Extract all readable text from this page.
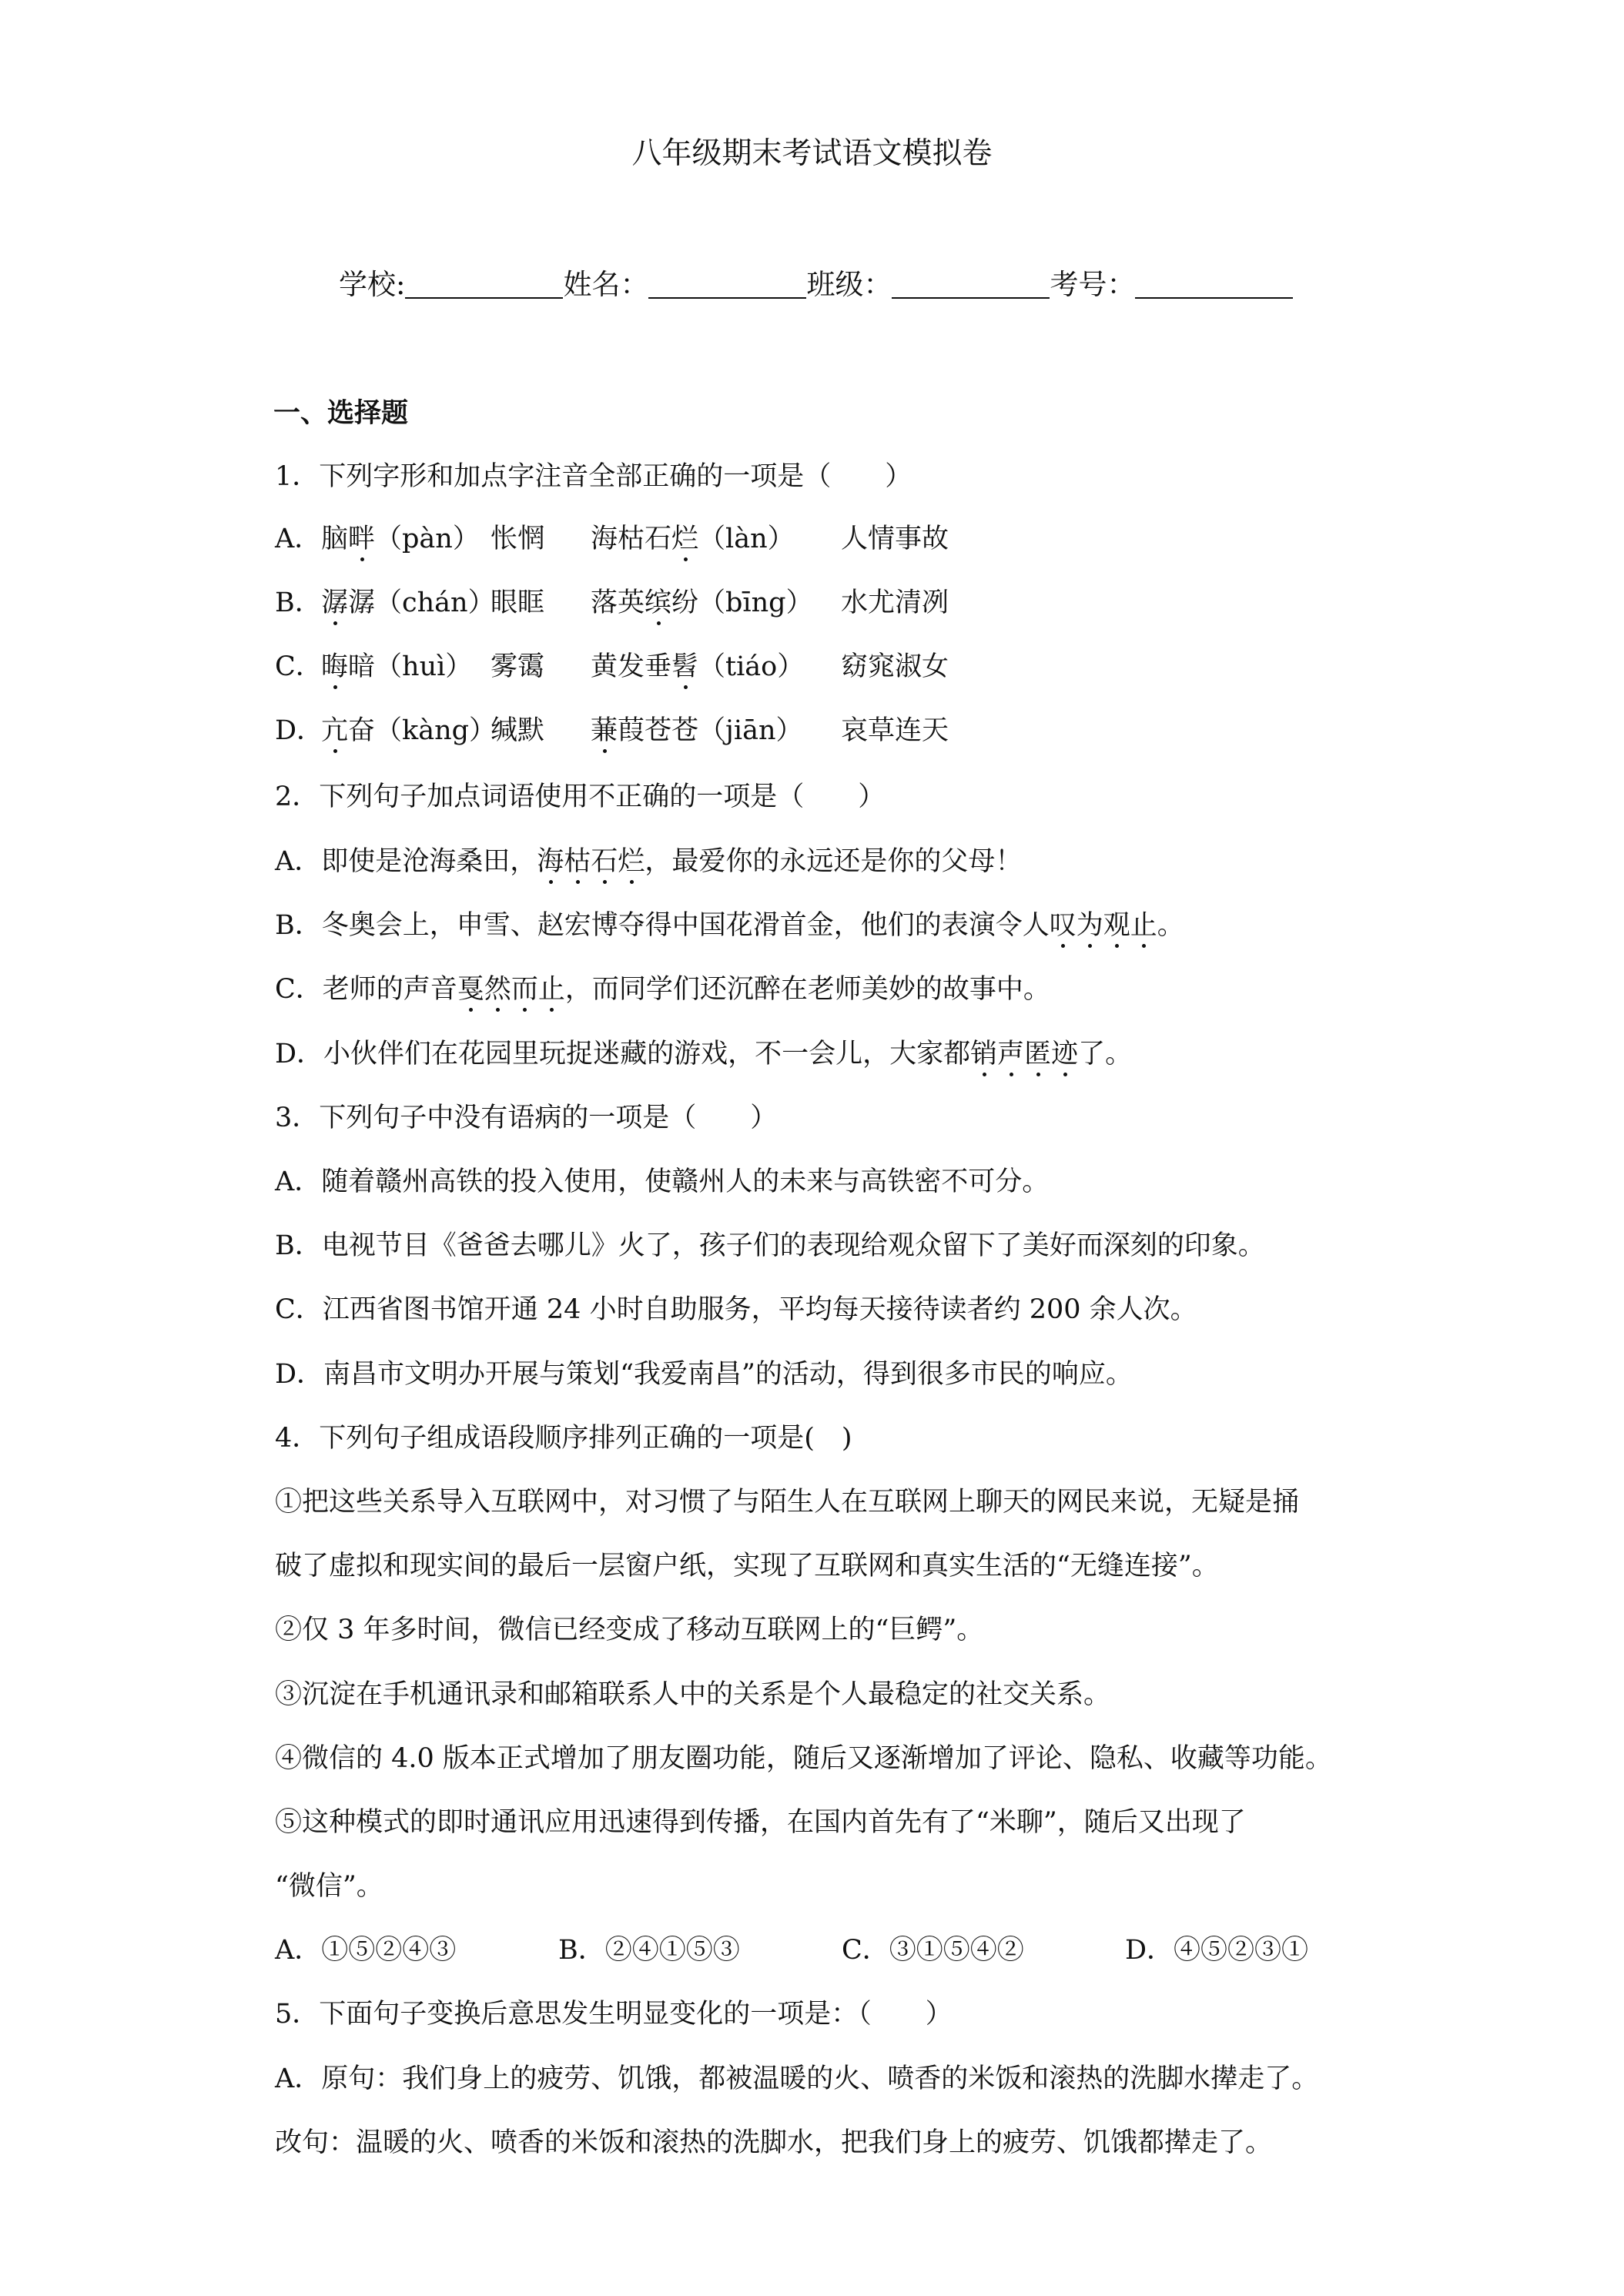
八年级期末考试语文模拟卷
学校:	姓名：	班级：	考号：
一、选择题
1．下列字形和加点字注音全部正确的一项是（　　）
A．脑畔（pàn） 怅惘 海枯石烂（làn） 人情事故
B．潺潺（chán）眼眶 落英缤纷（bīng） 水尤清冽
C．晦暗（huì） 雾霭 黄发垂髫（tiáo） 窈窕淑女
D．亢奋（kàng）缄默 蒹葭苍苍（jiān） 哀草连天
2．下列句子加点词语使用不正确的一项是（　　）
A．即使是沧海桑田，海枯石烂，最爱你的永远还是你的父母！
B．冬奥会上，申雪、赵宏博夺得中国花滑首金，他们的表演令人叹为观止。
C．老师的声音戛然而止，而同学们还沉醉在老师美妙的故事中。
D．小伙伴们在花园里玩捉迷藏的游戏，不一会儿，大家都销声匿迹了。
3．下列句子中没有语病的一项是（　　）
A．随着赣州高铁的投入使用，使赣州人的未来与高铁密不可分。
B．电视节目《爸爸去哪儿》火了，孩子们的表现给观众留下了美好而深刻的印象。
C．江西省图书馆开通 24 小时自助服务，平均每天接待读者约 200 余人次。
D．南昌市文明办开展与策划“我爱南昌”的活动，得到很多市民的响应。
4．下列句子组成语段顺序排列正确的一项是(　)
①把这些关系导入互联网中，对习惯了与陌生人在互联网上聊天的网民来说，无疑是捅
破了虚拟和现实间的最后一层窗户纸，实现了互联网和真实生活的“无缝连接”。
②仅 3 年多时间，微信已经变成了移动互联网上的“巨鳄”。
③沉淀在手机通讯录和邮箱联系人中的关系是个人最稳定的社交关系。
④微信的 4.0 版本正式增加了朋友圈功能，随后又逐渐增加了评论、隐私、收藏等功能。
⑤这种模式的即时通讯应用迅速得到传播，在国内首先有了“米聊”，随后又出现了
“微信”。
A．①⑤②④③	B．②④①⑤③	C．③①⑤④②	D．④⑤②③①
5．下面句子变换后意思发生明显变化的一项是：（　　）
A．原句：我们身上的疲劳、饥饿，都被温暖的火、喷香的米饭和滚热的洗脚水撵走了。
改句：温暖的火、喷香的米饭和滚热的洗脚水，把我们身上的疲劳、饥饿都撵走了。
